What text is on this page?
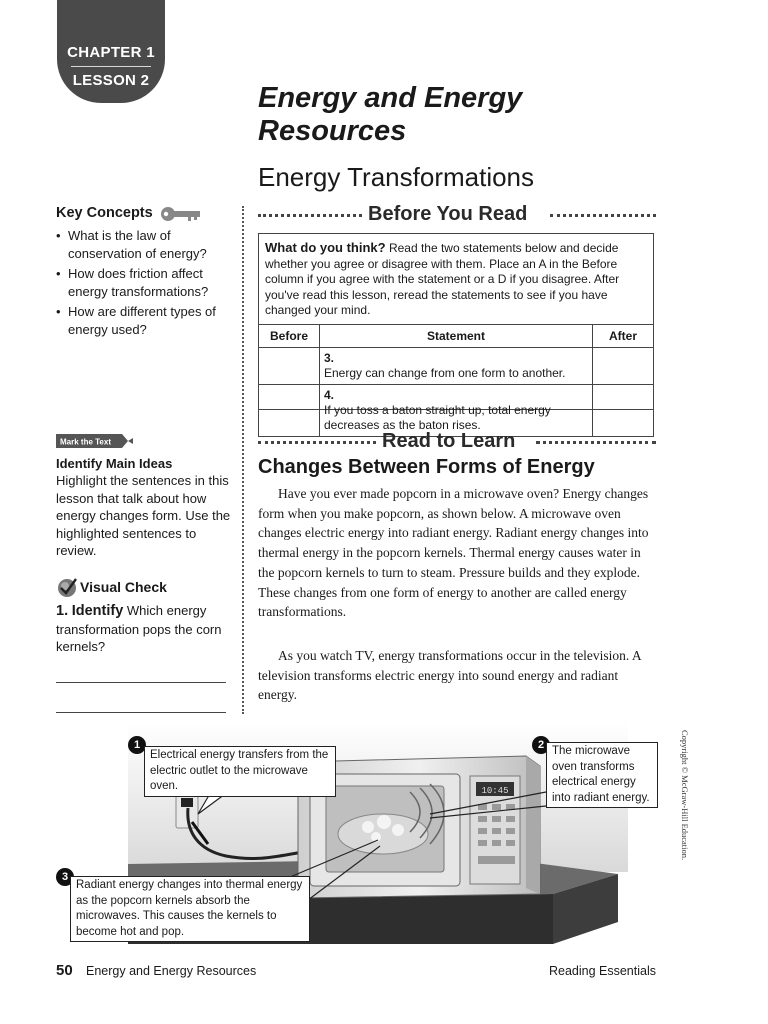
CHAPTER 1
LESSON 2
Energy and Energy Resources
Energy Transformations
Key Concepts
• What is the law of conservation of energy?
• How does friction affect energy transformations?
• How are different types of energy used?
Mark the Text
Identify Main Ideas
Highlight the sentences in this lesson that talk about how energy changes form. Use the highlighted sentences to review.
Visual Check
1. Identify Which energy transformation pops the corn kernels?
Before You Read
What do you think? Read the two statements below and decide whether you agree or disagree with them. Place an A in the Before column if you agree with the statement or a D if you disagree. After you've read this lesson, reread the statements to see if you have changed your mind.
Before	Statement	After
	3.Energy can change from one form to another.	
	4.If you toss a baton straight up, total energy decreases as the baton rises.	
Read to Learn
Changes Between Forms of Energy

Have you ever made popcorn in a microwave oven? Energy changes form when you make popcorn, as shown below. A microwave oven changes electric energy into radiant energy. Radiant energy changes into thermal energy in the popcorn kernels. Thermal energy causes water in the popcorn kernels to turn to steam. Pressure builds and they explode. These changes from one form of energy to another are called energy transformations.

As you watch TV, energy transformations occur in the television. A television transforms electric energy into sound energy and radiant energy.

10:45
1
Electrical energy transfers from the electric outlet to the microwave oven.
2 The microwave oven transforms electrical energy into radiant energy.
3
Radiant energy changes into thermal energy as the popcorn kernels absorb the microwaves. This causes the kernels to become hot and pop.
Copyright © McGraw-Hill Education.
50 Energy and Energy Resources	Reading Essentials
